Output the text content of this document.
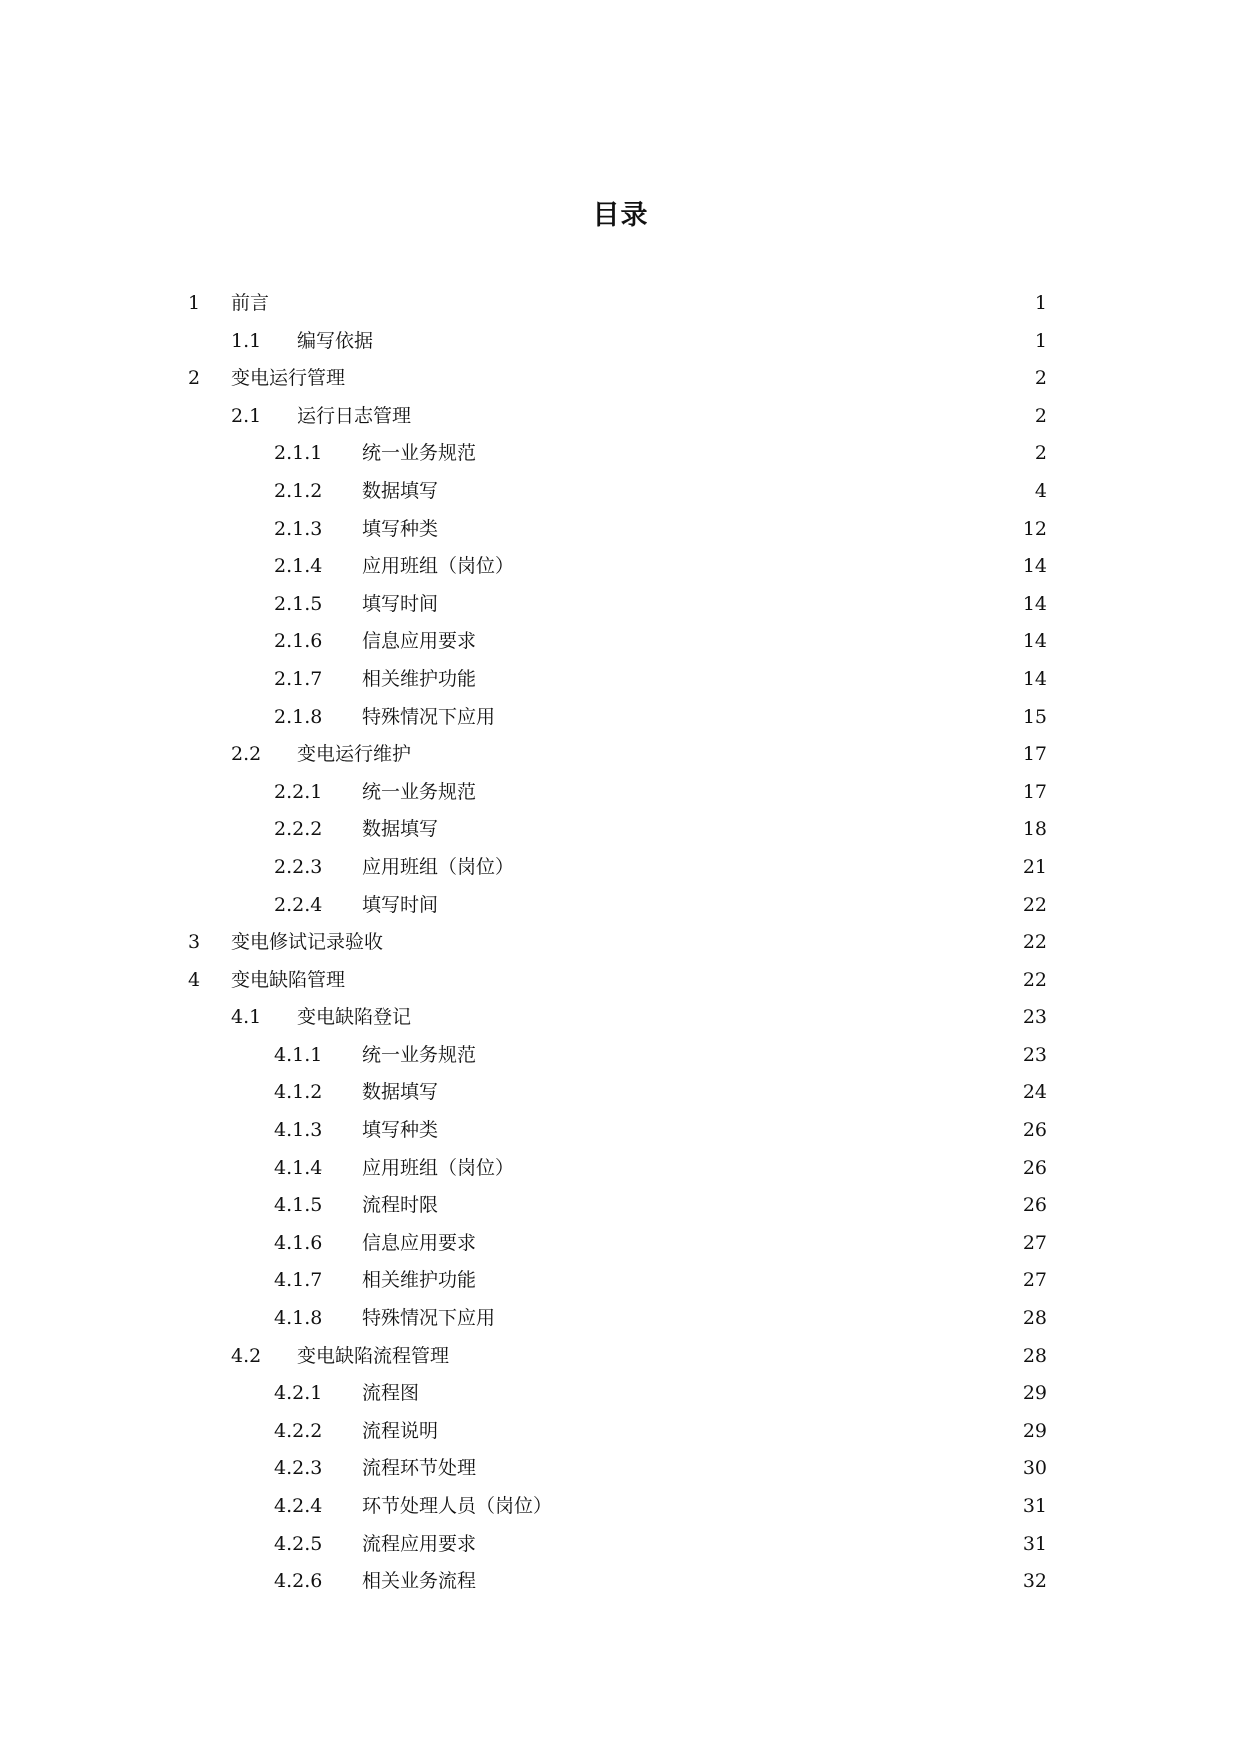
目录
1 前言 .....	1
1.1 编写依据 .....	1
2 变电运行管理 .....	2
2.1 运行日志管理 .....	2
2.1.1 统一业务规范 .....	2
2.1.2 数据填写 .....	4
2.1.3 填写种类 .....	12
2.1.4 应用班组（岗位） .....	14
2.1.5 填写时间 .....	14
2.1.6 信息应用要求 .....	14
2.1.7 相关维护功能 .....	14
2.1.8 特殊情况下应用 .....	15
2.2 变电运行维护 .....	17
2.2.1 统一业务规范 .....	17
2.2.2 数据填写 .....	18
2.2.3 应用班组（岗位） .....	21
2.2.4 填写时间 .....	22
3 变电修试记录验收 .....	22
4 变电缺陷管理 .....	22
4.1 变电缺陷登记 .....	23
4.1.1 统一业务规范 .....	23
4.1.2 数据填写 .....	24
4.1.3 填写种类 .....	26
4.1.4 应用班组（岗位） .....	26
4.1.5 流程时限 .....	26
4.1.6 信息应用要求 .....	27
4.1.7 相关维护功能 .....	27
4.1.8 特殊情况下应用 .....	28
4.2 变电缺陷流程管理 .....	28
4.2.1 流程图 .....	29
4.2.2 流程说明 .....	29
4.2.3 流程环节处理 .....	30
4.2.4 环节处理人员（岗位） .....	31
4.2.5 流程应用要求 .....	31
4.2.6 相关业务流程 .....	32
